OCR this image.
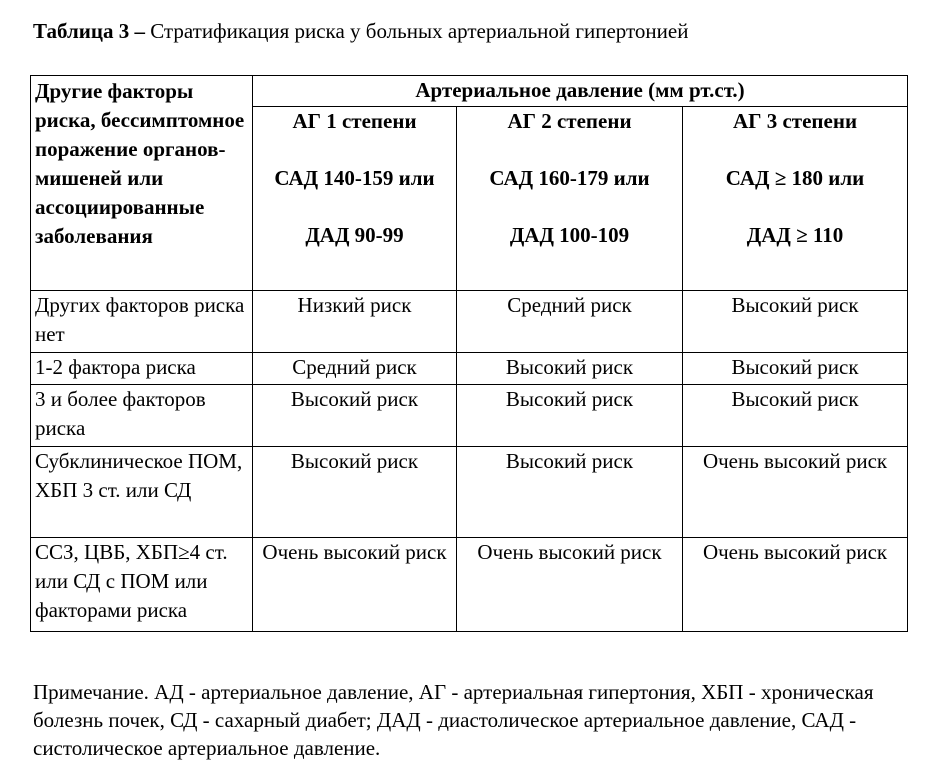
Таблица 3 – Стратификация риска у больных артериальной гипертонией
Другие факторы риска, бессимптомное поражение органов-мишеней или ассоциированные заболевания	Артериальное давление (мм рт.ст.)		

	АГ 1 степени
САД 140-159 или
ДАД 90-99	АГ 2 степени
САД 160-179 или
ДАД 100-109	АГ 3 степени
САД ≥ 180 или
ДАД ≥ 110

Других факторов риска нет	Низкий риск	Средний риск	Высокий риск
1-2 фактора риска	Средний риск	Высокий риск	Высокий риск
3 и более факторов риска	Высокий риск	Высокий риск	Высокий риск
Субклиническое ПОМ, ХБП 3 ст. или СД	Высокий риск	Высокий риск	Очень высокий риск
ССЗ, ЦВБ, ХБП≥4 ст. или СД с ПОМ или факторами риска	Очень высокий риск	Очень высокий риск	Очень высокий риск
Примечание. АД - артериальное давление, АГ - артериальная гипертония, ХБП - хроническая болезнь почек, СД - сахарный диабет; ДАД - диастолическое артериальное давление, САД - систолическое артериальное давление.
